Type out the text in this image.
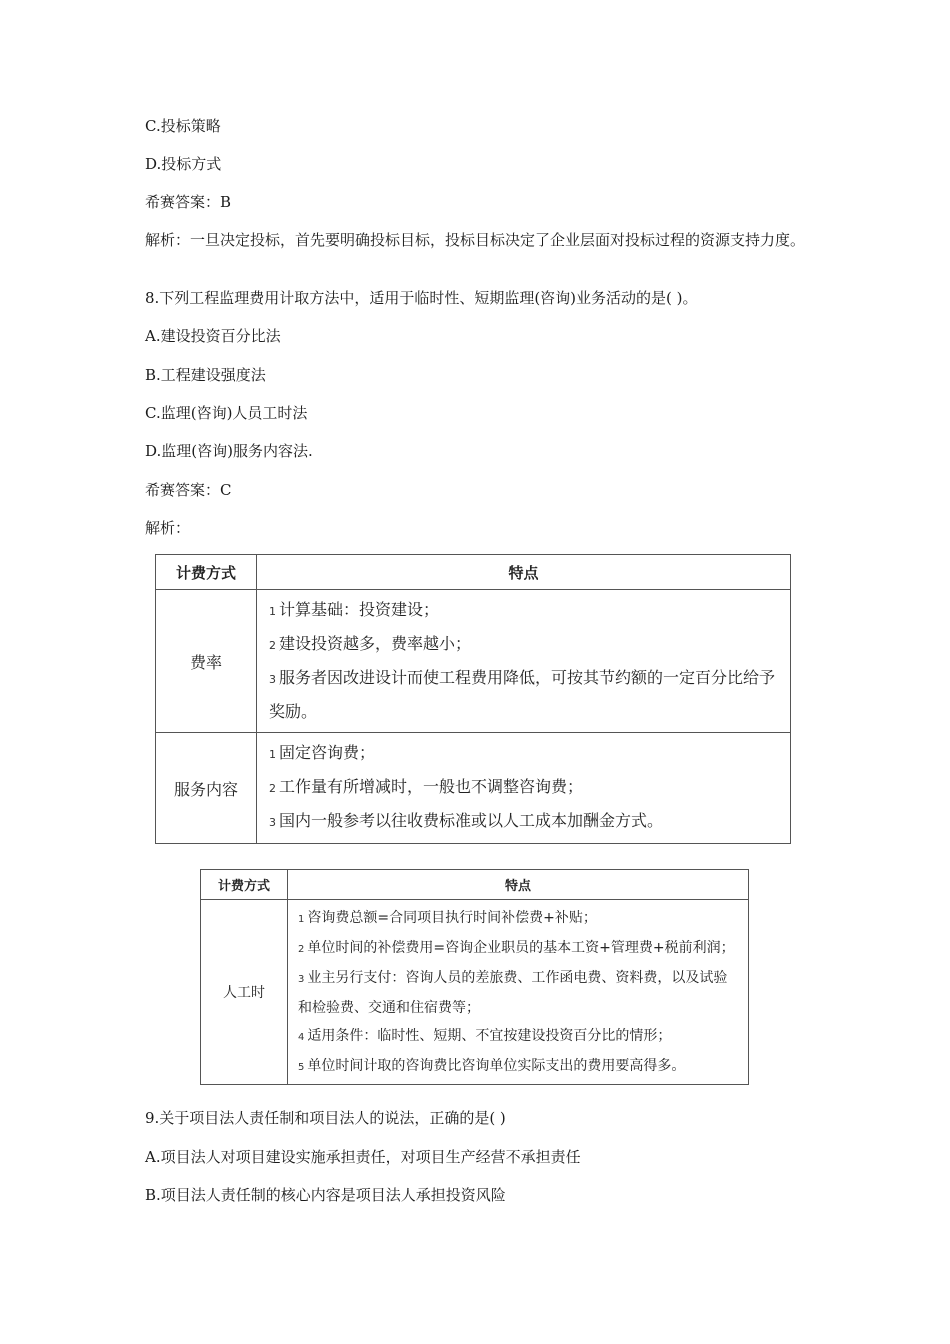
C.投标策略
D.投标方式
希赛答案：B
解析：一旦决定投标，首先要明确投标目标，投标目标决定了企业层面对投标过程的资源支持力度。
8.下列工程监理费用计取方法中，适用于临时性、短期监理(咨询)业务活动的是( )。
A.建设投资百分比法
B.工程建设强度法
C.监理(咨询)人员工时法
D.监理(咨询)服务内容法.
希赛答案：C
解析：
计费方式	特点
费率	1 计算基础：投资建设；
2 建设投资越多，费率越小；
3 服务者因改进设计而使工程费用降低，可按其节约额的一定百分比给予奖励。

服务内容	1 固定咨询费；
2 工作量有所增减时，一般也不调整咨询费；
3 国内一般参考以往收费标准或以人工成本加酬金方式。
计费方式	特点
人工时	1 咨询费总额=合同项目执行时间补偿费+补贴；
2 单位时间的补偿费用=咨询企业职员的基本工资+管理费+税前利润；
3 业主另行支付：咨询人员的差旅费、工作函电费、资料费，以及试验和检验费、交通和住宿费等；
4 适用条件：临时性、短期、不宜按建设投资百分比的情形；
5 单位时间计取的咨询费比咨询单位实际支出的费用要高得多。
9.关于项目法人责任制和项目法人的说法，正确的是( )
A.项目法人对项目建设实施承担责任，对项目生产经营不承担责任
B.项目法人责任制的核心内容是项目法人承担投资风险
